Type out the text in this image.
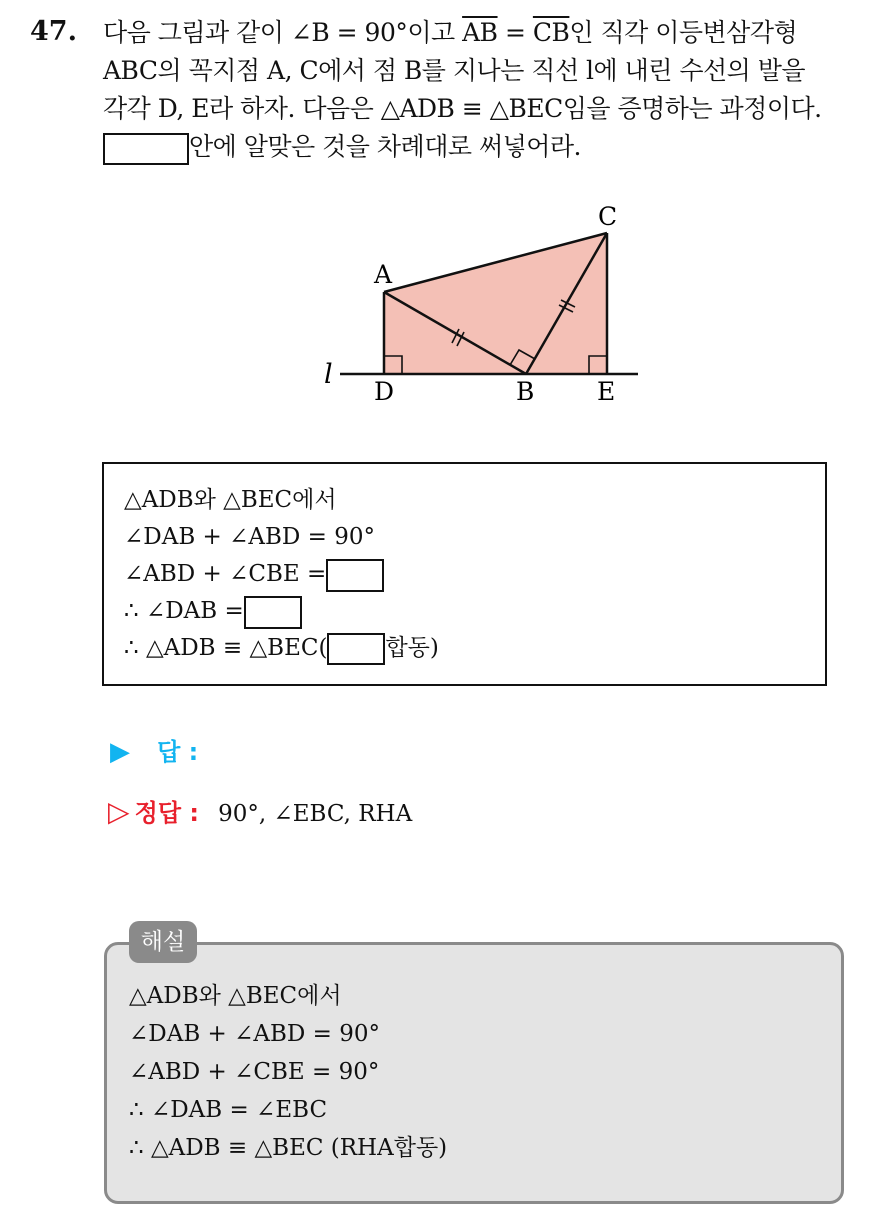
47. 다음 그림과 같이 ∠B = 90°이고 $\overline{AB} = \overline{CB}$인 직각 이등변삼각형
ABC의 꼭지점 A, C에서 점 B를 지나는 직선 l에 내린 수선의 발을
각각 D, E라 하자. 다음은 △ADB ≡ △BEC임을 증명하는 과정이다.
안에 알맞은 것을 차례대로 써넣어라.
A
C
D	B	E
l
△ADB와 △BEC에서
∠DAB + ∠ABD = 90°
∠ABD + ∠CBE =
∴ ∠DAB =
∴ △ADB ≡ △BEC(	합동)
▶ 답 :
▷ 정답 : 90°, ∠EBC, RHA
△ADB와 △BEC에서
∠DAB + ∠ABD = 90°
∠ABD + ∠CBE = 90°
∴ ∠DAB = ∠EBC
∴ △ADB ≡ △BEC (RHA합동)
해설
